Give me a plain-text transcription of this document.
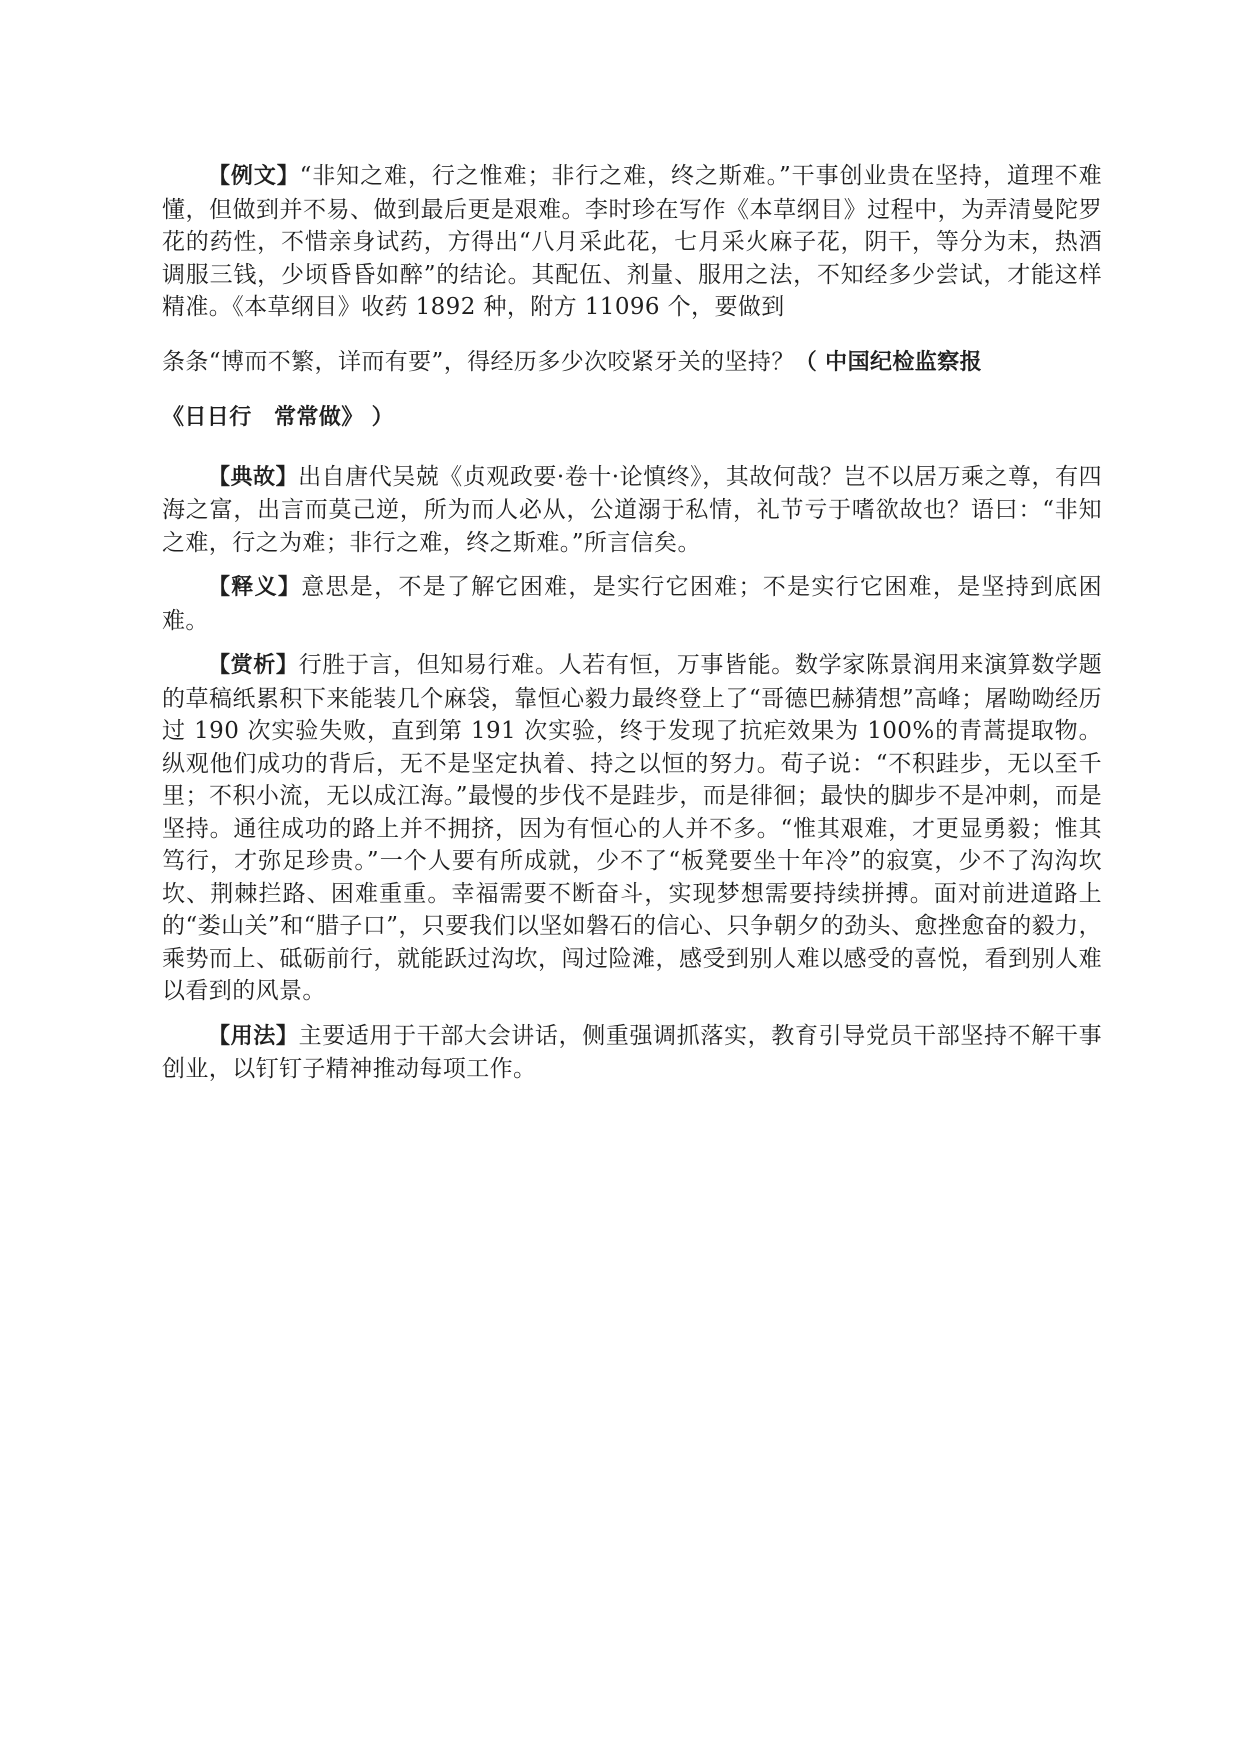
【例文】“非知之难，行之惟难；非行之难，终之斯难。”干事创业贵在坚持，道理不难懂，但做到并不易、做到最后更是艰难。李时珍在写作《本草纲目》过程中，为弄清曼陀罗花的药性，不惜亲身试药，方得出“八月采此花，七月采火麻子花，阴干，等分为末，热酒调服三钱，少顷昏昏如醉”的结论。其配伍、剂量、服用之法，不知经多少尝试，才能这样精准。《本草纲目》收药 1892 种，附方 11096 个，要做到
条条“博而不繁，详而有要”，得经历多少次咬紧牙关的坚持？（ 中国纪检监察报
《日日行　常常做》 ）

【典故】出自唐代吴兢《贞观政要·卷十·论慎终》，其故何哉？岂不以居万乘之尊，有四海之富，出言而莫己逆，所为而人必从，公道溺于私情，礼节亏于嗜欲故也？语曰：“非知之难，行之为难；非行之难，终之斯难。”所言信矣。

【释义】意思是，不是了解它困难，是实行它困难；不是实行它困难，是坚持到底困难。

【赏析】行胜于言，但知易行难。人若有恒，万事皆能。数学家陈景润用来演算数学题的草稿纸累积下来能装几个麻袋，靠恒心毅力最终登上了“哥德巴赫猜想”高峰；屠呦呦经历过 190 次实验失败，直到第 191 次实验，终于发现了抗疟效果为 100%的青蒿提取物。纵观他们成功的背后，无不是坚定执着、持之以恒的努力。荀子说：“不积跬步，无以至千里；不积小流，无以成江海。”最慢的步伐不是跬步，而是徘徊；最快的脚步不是冲刺，而是坚持。通往成功的路上并不拥挤，因为有恒心的人并不多。“惟其艰难，才更显勇毅；惟其笃行，才弥足珍贵。”一个人要有所成就，少不了“板凳要坐十年冷”的寂寞，少不了沟沟坎坎、荆棘拦路、困难重重。幸福需要不断奋斗，实现梦想需要持续拼搏。面对前进道路上的“娄山关”和“腊子口”，只要我们以坚如磐石的信心、只争朝夕的劲头、愈挫愈奋的毅力，乘势而上、砥砺前行，就能跃过沟坎，闯过险滩，感受到别人难以感受的喜悦，看到别人难以看到的风景。

【用法】主要适用于干部大会讲话，侧重强调抓落实，教育引导党员干部坚持不解干事创业，以钉钉子精神推动每项工作。
